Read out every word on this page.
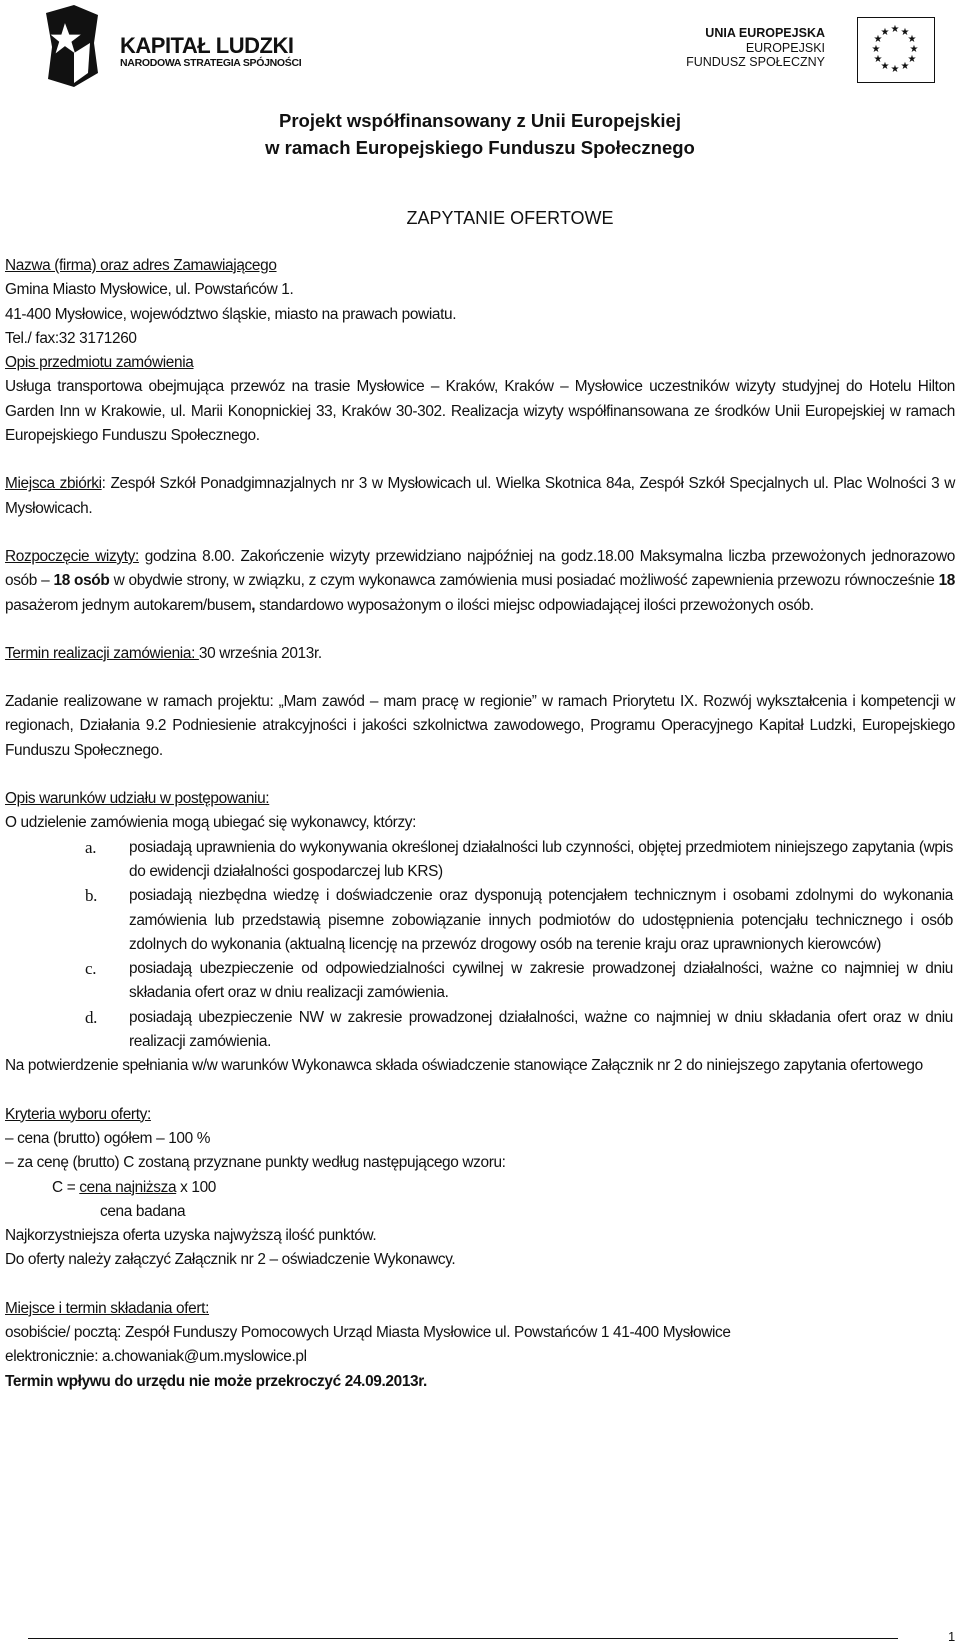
KAPITAŁ LUDZKI
NARODOWA STRATEGIA SPÓJNOŚCI
UNIA EUROPEJSKA
EUROPEJSKI
FUNDUSZ SPOŁECZNY
★ ★
★
★
★
★
★
★
★
★
★
★
Projekt współfinansowany z Unii Europejskiej
w ramach Europejskiego Funduszu Społecznego
ZAPYTANIE OFERTOWE

Nazwa (firma) oraz adres Zamawiającego

Gmina Miasto Mysłowice, ul. Powstańców 1.

41-400 Mysłowice, województwo śląskie, miasto na prawach powiatu.

Tel./ fax:32 3171260

Opis przedmiotu zamówienia

Usługa transportowa obejmująca przewóz na trasie Mysłowice – Kraków, Kraków – Mysłowice uczestników wizyty studyjnej do Hotelu Hilton Garden Inn w Krakowie, ul. Marii Konopnickiej 33, Kraków 30-302. Realizacja wizyty współfinansowana ze środków Unii Europejskiej w ramach Europejskiego Funduszu Społecznego.

Miejsca zbiórki: Zespół Szkół Ponadgimnazjalnych nr 3 w Mysłowicach ul. Wielka Skotnica 84a, Zespół Szkół Specjalnych ul. Plac Wolności 3 w Mysłowicach.

Rozpoczęcie wizyty: godzina 8.00. Zakończenie wizyty przewidziano najpóźniej na godz.18.00 Maksymalna liczba przewożonych jednorazowo osób – 18 osób w obydwie strony, w związku, z czym wykonawca zamówienia musi posiadać możliwość zapewnienia przewozu równocześnie 18 pasażerom jednym autokarem/busem, standardowo wyposażonym o ilości miejsc odpowiadającej ilości przewożonych osób.

Termin realizacji zamówienia: 30 września 2013r.

Zadanie realizowane w ramach projektu: „Mam zawód – mam pracę w regionie” w ramach Priorytetu IX. Rozwój wykształcenia i kompetencji w regionach, Działania 9.2 Podniesienie atrakcyjności i jakości szkolnictwa zawodowego, Programu Operacyjnego Kapitał Ludzki, Europejskiego Funduszu Społecznego.

Opis warunków udziału w postępowaniu:

O udzielenie zamówienia mogą ubiegać się wykonawcy, którzy:

a. posiadają uprawnienia do wykonywania określonej działalności lub czynności, objętej przedmiotem niniejszego zapytania (wpis do ewidencji działalności gospodarczej lub KRS)
b. posiadają niezbędna wiedzę i doświadczenie oraz dysponują potencjałem technicznym i osobami zdolnymi do wykonania zamówienia lub przedstawią pisemne zobowiązanie innych podmiotów do udostępnienia potencjału technicznego i osób zdolnych do wykonania (aktualną licencję na przewóz drogowy osób na terenie kraju oraz uprawnionych kierowców)
c. posiadają ubezpieczenie od odpowiedzialności cywilnej w zakresie prowadzonej działalności, ważne co najmniej w dniu składania ofert oraz w dniu realizacji zamówienia.
d. posiadają ubezpieczenie NW w zakresie prowadzonej działalności, ważne co najmniej w dniu składania ofert oraz w dniu realizacji zamówienia.

Na potwierdzenie spełniania w/w warunków Wykonawca składa oświadczenie stanowiące Załącznik nr 2 do niniejszego zapytania ofertowego

Kryteria wyboru oferty:

– cena (brutto) ogółem – 100 %

– za cenę (brutto) C zostaną przyznane punkty według następującego wzoru:

C = cena najniższa x 100

cena badana

Najkorzystniejsza oferta uzyska najwyższą ilość punktów.

Do oferty należy załączyć Załącznik nr 2 – oświadczenie Wykonawcy.

Miejsce i termin składania ofert:

osobiście/ pocztą: Zespół Funduszy Pomocowych Urząd Miasta Mysłowice ul. Powstańców 1 41-400 Mysłowice

elektronicznie: a.chowaniak@um.myslowice.pl

Termin wpływu do urzędu nie może przekroczyć 24.09.2013r.

1
